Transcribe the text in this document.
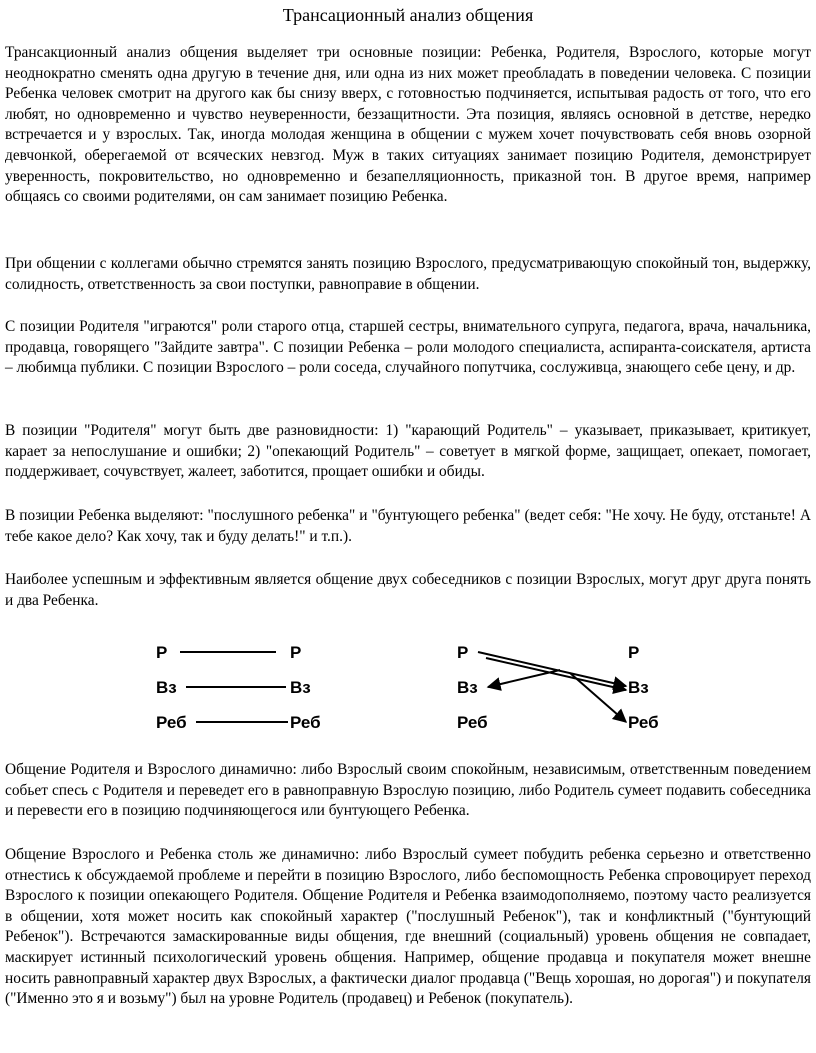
Трансационный анализ общения
Трансакционный анализ общения выделяет три основные позиции: Ребенка, Родителя, Взрослого, которые могут неоднократно сменять одна другую в течение дня, или одна из них может преобладать в поведении человека. С позиции Ребенка человек смотрит на другого как бы снизу вверх, с готовностью подчиняется, испытывая радость от того, что его любят, но одновременно и чувство неуверенности, беззащитности. Эта позиция, являясь основной в детстве, нередко встречается и у взрослых. Так, иногда молодая женщина в общении с мужем хочет почувствовать себя вновь озорной девчонкой, оберегаемой от всяческих невзгод. Муж в таких ситуациях занимает позицию Родителя, демонстрирует уверенность, покровительство, но одновременно и безапелляционность, приказной тон. В другое время, например общаясь со своими родителями, он сам занимает позицию Ребенка.
При общении с коллегами обычно стремятся занять позицию Взрослого, предусматривающую спокойный тон, выдержку, солидность, ответственность за свои поступки, равноправие в общении.
С позиции Родителя "играются" роли старого отца, старшей сестры, внимательного супруга, педагога, врача, начальника, продавца, говорящего "Зайдите завтра". С позиции Ребенка – роли молодого специалиста, аспиранта-соискателя, артиста – любимца публики. С позиции Взрослого – роли соседа, случайного попутчика, сослуживца, знающего себе цену, и др.
В позиции "Родителя" могут быть две разновидности: 1) "карающий Родитель" – указывает, приказывает, критикует, карает за непослушание и ошибки; 2) "опекающий Родитель" – советует в мягкой форме, защищает, опекает, помогает, поддерживает, сочувствует, жалеет, заботится, прощает ошибки и обиды.
В позиции Ребенка выделяют: "послушного ребенка" и "бунтующего ребенка" (ведет себя: "Не хочу. Не буду, отстаньте! А тебе какое дело? Как хочу, так и буду делать!" и т.п.).
Наиболее успешным и эффективным является общение двух собеседников с позиции Взрослых, могут друг друга понять и два Ребенка.
Р
Вз
Реб
Р
Вз
Реб
Р
Вз
Реб
Р
Вз
Реб
Общение Родителя и Взрослого динамично: либо Взрослый своим спокойным, независимым, ответственным поведением собьет спесь с Родителя и переведет его в равноправную Взрослую позицию, либо Родитель сумеет подавить собеседника и перевести его в позицию подчиняющегося или бунтующего Ребенка.
Общение Взрослого и Ребенка столь же динамично: либо Взрослый сумеет побудить ребенка серьезно и ответственно отнестись к обсуждаемой проблеме и перейти в позицию Взрослого, либо беспомощность Ребенка спровоцирует переход Взрослого к позиции опекающего Родителя. Общение Родителя и Ребенка взаимодополняемо, поэтому часто реализуется в общении, хотя может носить как спокойный характер ("послушный Ребенок"), так и конфликтный ("бунтующий Ребенок"). Встречаются замаскированные виды общения, где внешний (социальный) уровень общения не совпадает, маскирует истинный психологический уровень общения. Например, общение продавца и покупателя может внешне носить равноправный характер двух Взрослых, а фактически диалог продавца ("Вещь хорошая, но дорогая") и покупателя ("Именно это я и возьму") был на уровне Родитель (продавец) и Ребенок (покупатель).
